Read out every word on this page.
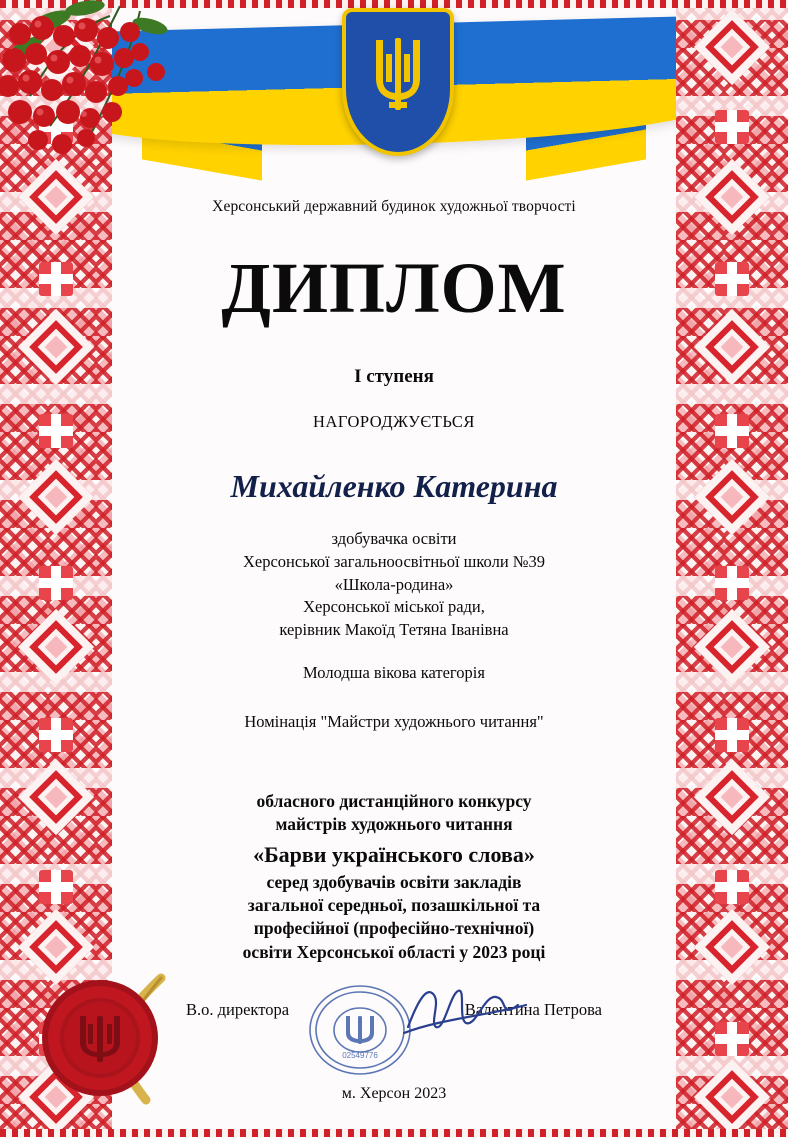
02549776
Херсонський державний будинок художньої творчості
ДИПЛОМ
I ступеня
НАГОРОДЖУЄТЬСЯ
Михайленко Катерина
здобувачка освіти
Херсонської загальноосвітньої школи №39
«Школа-родина»
Херсонської міської ради,
керівник Макоїд Тетяна Іванівна
Молодша вікова категорія
Номінація "Майстри художнього читання"
обласного дистанційного конкурсу
майстрів художнього читання
«Барви українського слова»
серед здобувачів освіти закладів
загальної середньої, позашкільної та
професійної (професійно-технічної)
освіти Херсонської області у 2023 році
В.о. директора	Валентина Петрова
м. Херсон 2023
